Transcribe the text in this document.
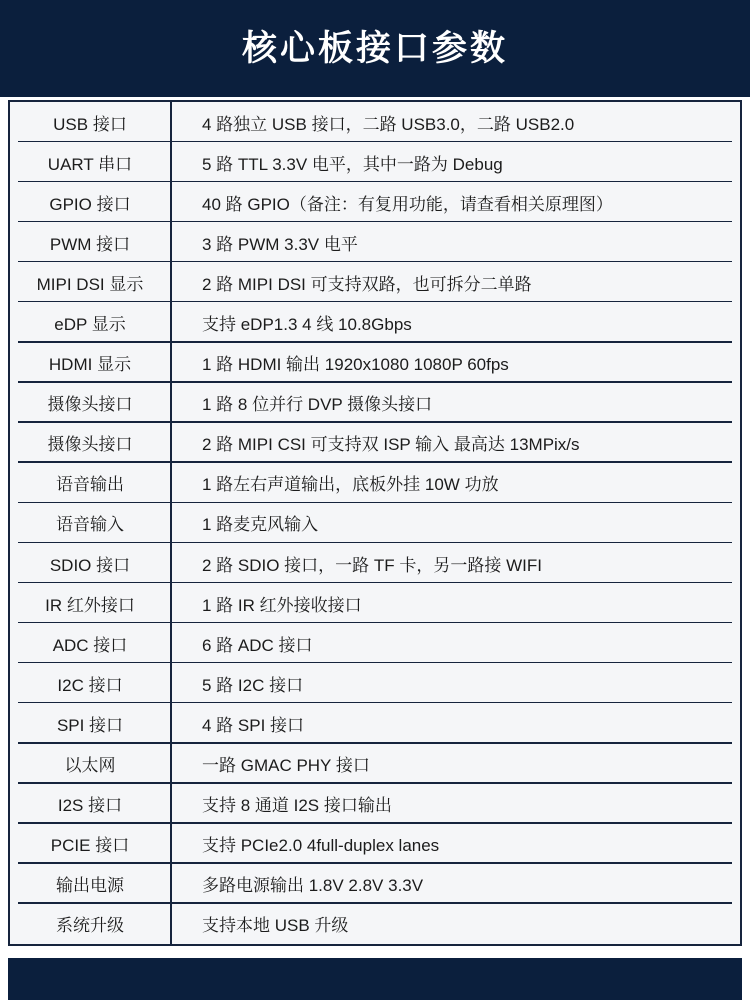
核心板接口参数
USB 接口	4 路独立 USB 接口，二路 USB3.0，二路 USB2.0
UART 串口	5 路 TTL 3.3V 电平，其中一路为 Debug
GPIO 接口	40 路 GPIO（备注：有复用功能，请查看相关原理图）
PWM 接口	3 路 PWM 3.3V 电平
MIPI DSI 显示	2 路 MIPI DSI 可支持双路，也可拆分二单路
eDP 显示	支持 eDP1.3 4 线 10.8Gbps
HDMI 显示	1 路 HDMI 输出 1920x1080 1080P 60fps
摄像头接口	1 路 8 位并行 DVP 摄像头接口
摄像头接口	2 路 MIPI CSI 可支持双 ISP 输入 最高达 13MPix/s
语音输出	1 路左右声道输出，底板外挂 10W 功放
语音输入	1 路麦克风输入
SDIO 接口	2 路 SDIO 接口，一路 TF 卡，另一路接 WIFI
IR 红外接口	1 路 IR 红外接收接口
ADC 接口	6 路 ADC 接口
I2C 接口	5 路 I2C 接口
SPI 接口	4 路 SPI 接口
以太网	一路 GMAC PHY 接口
I2S 接口	支持 8 通道 I2S 接口输出
PCIE 接口	支持 PCIe2.0 4full-duplex lanes
输出电源	多路电源输出 1.8V 2.8V 3.3V
系统升级	支持本地 USB 升级
